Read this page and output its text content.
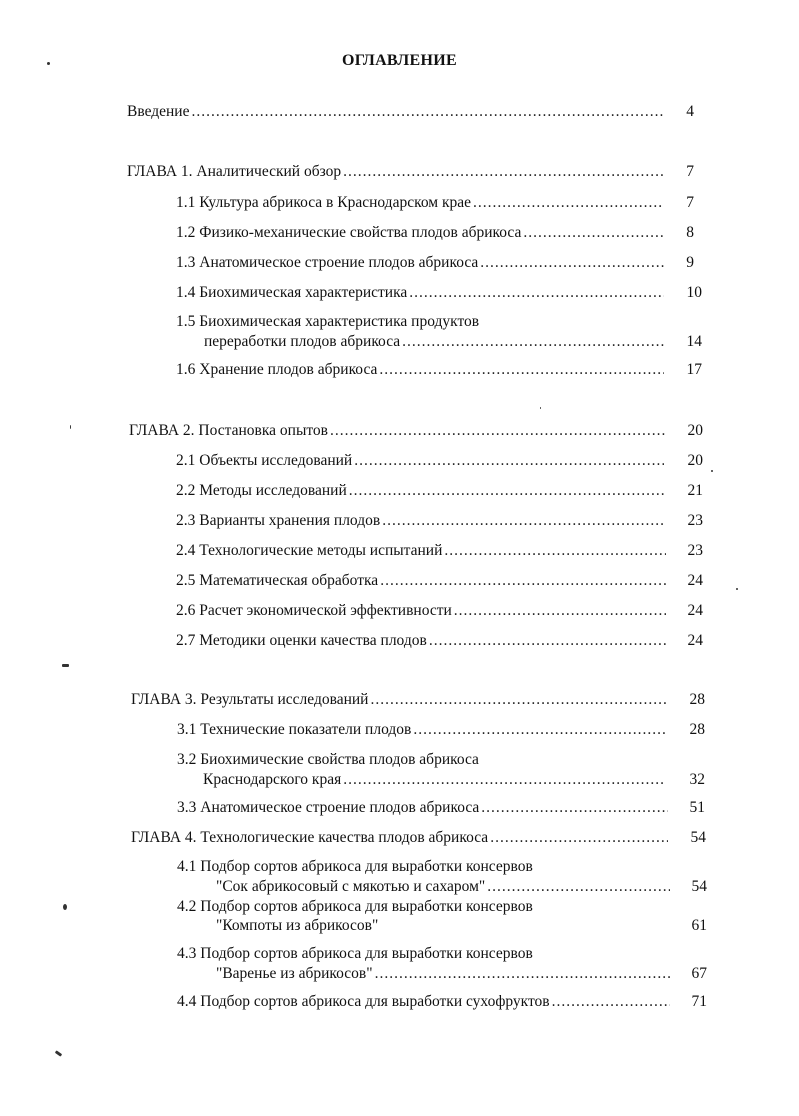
ОГЛАВЛЕНИЕ
Введение .....	4
ГЛАВА 1. Аналитический обзор .....	7
1.1 Культура абрикоса в Краснодарском крае .....	7
1.2 Физико-механические свойства плодов абрикоса .....	8
1.3 Анатомическое строение плодов абрикоса .....	9
1.4 Биохимическая характеристика .....	10
1.5 Биохимическая характеристика продуктов
переработки плодов абрикоса .....	14
1.6 Хранение плодов абрикоса .....	17
ГЛАВА 2. Постановка опытов .....	20
2.1 Объекты исследований .....	20
2.2 Методы исследований .....	21
2.3 Варианты хранения плодов .....	23
2.4 Технологические методы испытаний .....	23
2.5 Математическая обработка .....	24
2.6 Расчет экономической эффективности .....	24
2.7 Методики оценки качества плодов .....	24
ГЛАВА 3. Результаты исследований .....	28
3.1 Технические показатели плодов .....	28
3.2 Биохимические свойства плодов абрикоса
Краснодарского края .....	32
3.3 Анатомическое строение плодов абрикоса .....	51
ГЛАВА 4. Технологические качества плодов абрикоса .....	54
4.1 Подбор сортов абрикоса для выработки консервов
"Сок абрикосовый с мякотью и сахаром" .....	54
4.2 Подбор сортов абрикоса для выработки консервов
"Компоты из абрикосов"	61
4.3 Подбор сортов абрикоса для выработки консервов
"Варенье из абрикосов" .....	67
4.4 Подбор сортов абрикоса для выработки сухофруктов .....	71
